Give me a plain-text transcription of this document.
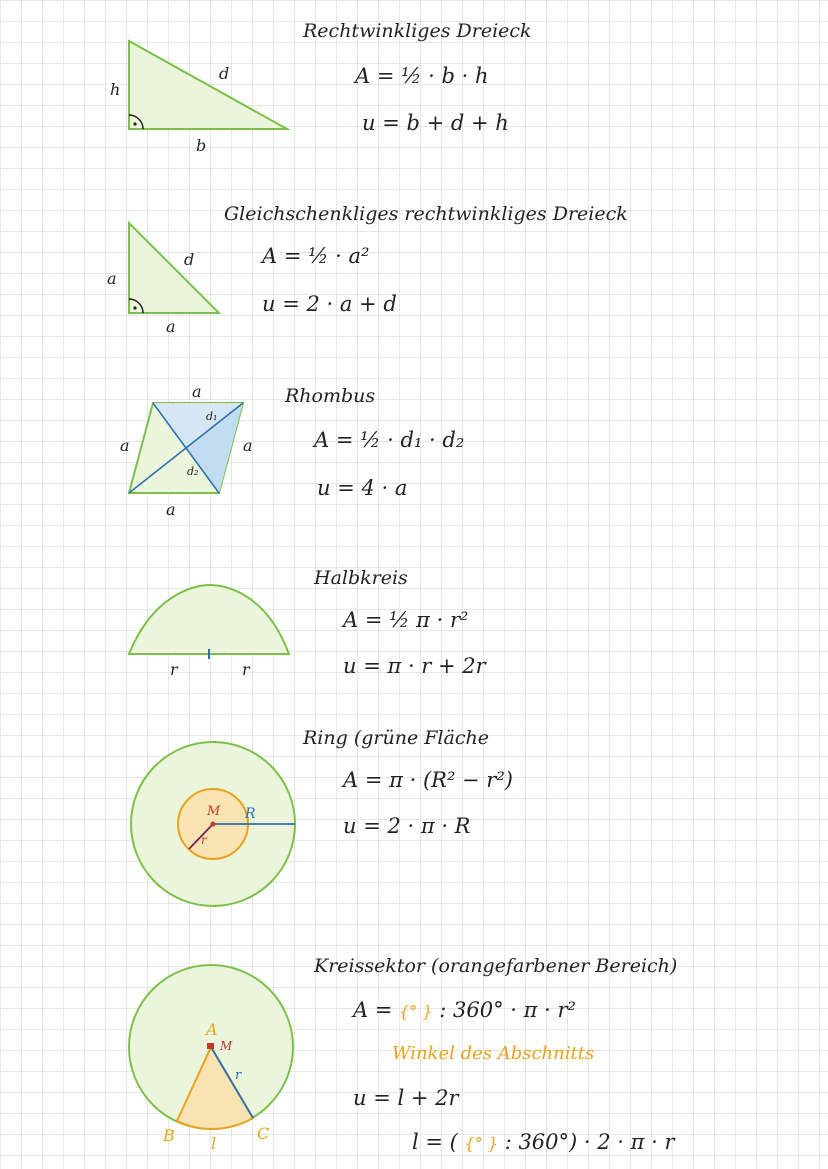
h
d
b
Rechtwinkliges Dreieck
A = ½ · b · h
u = b + d + h
a
d
a
Gleichschenkliges rechtwinkliges Dreieck
A = ½ · a²
u = 2 · a + d
a
a	a
a
d₁
d₂
Rhombus
A = ½ · d₁ · d₂
u = 4 · a
r	r
Halbkreis
A = ½ π · r²
u = π · r + 2r
M R
r
Ring (grüne Fläche
A = π · (R² − r²)
u = 2 · π · R
A
M
r
B l
C
Kreissektor (orangefarbener Bereich)
A = {° } : 360° · π · r²
Winkel des Abschnitts
u = l + 2r
l = ( {° } : 360°) · 2 · π · r
